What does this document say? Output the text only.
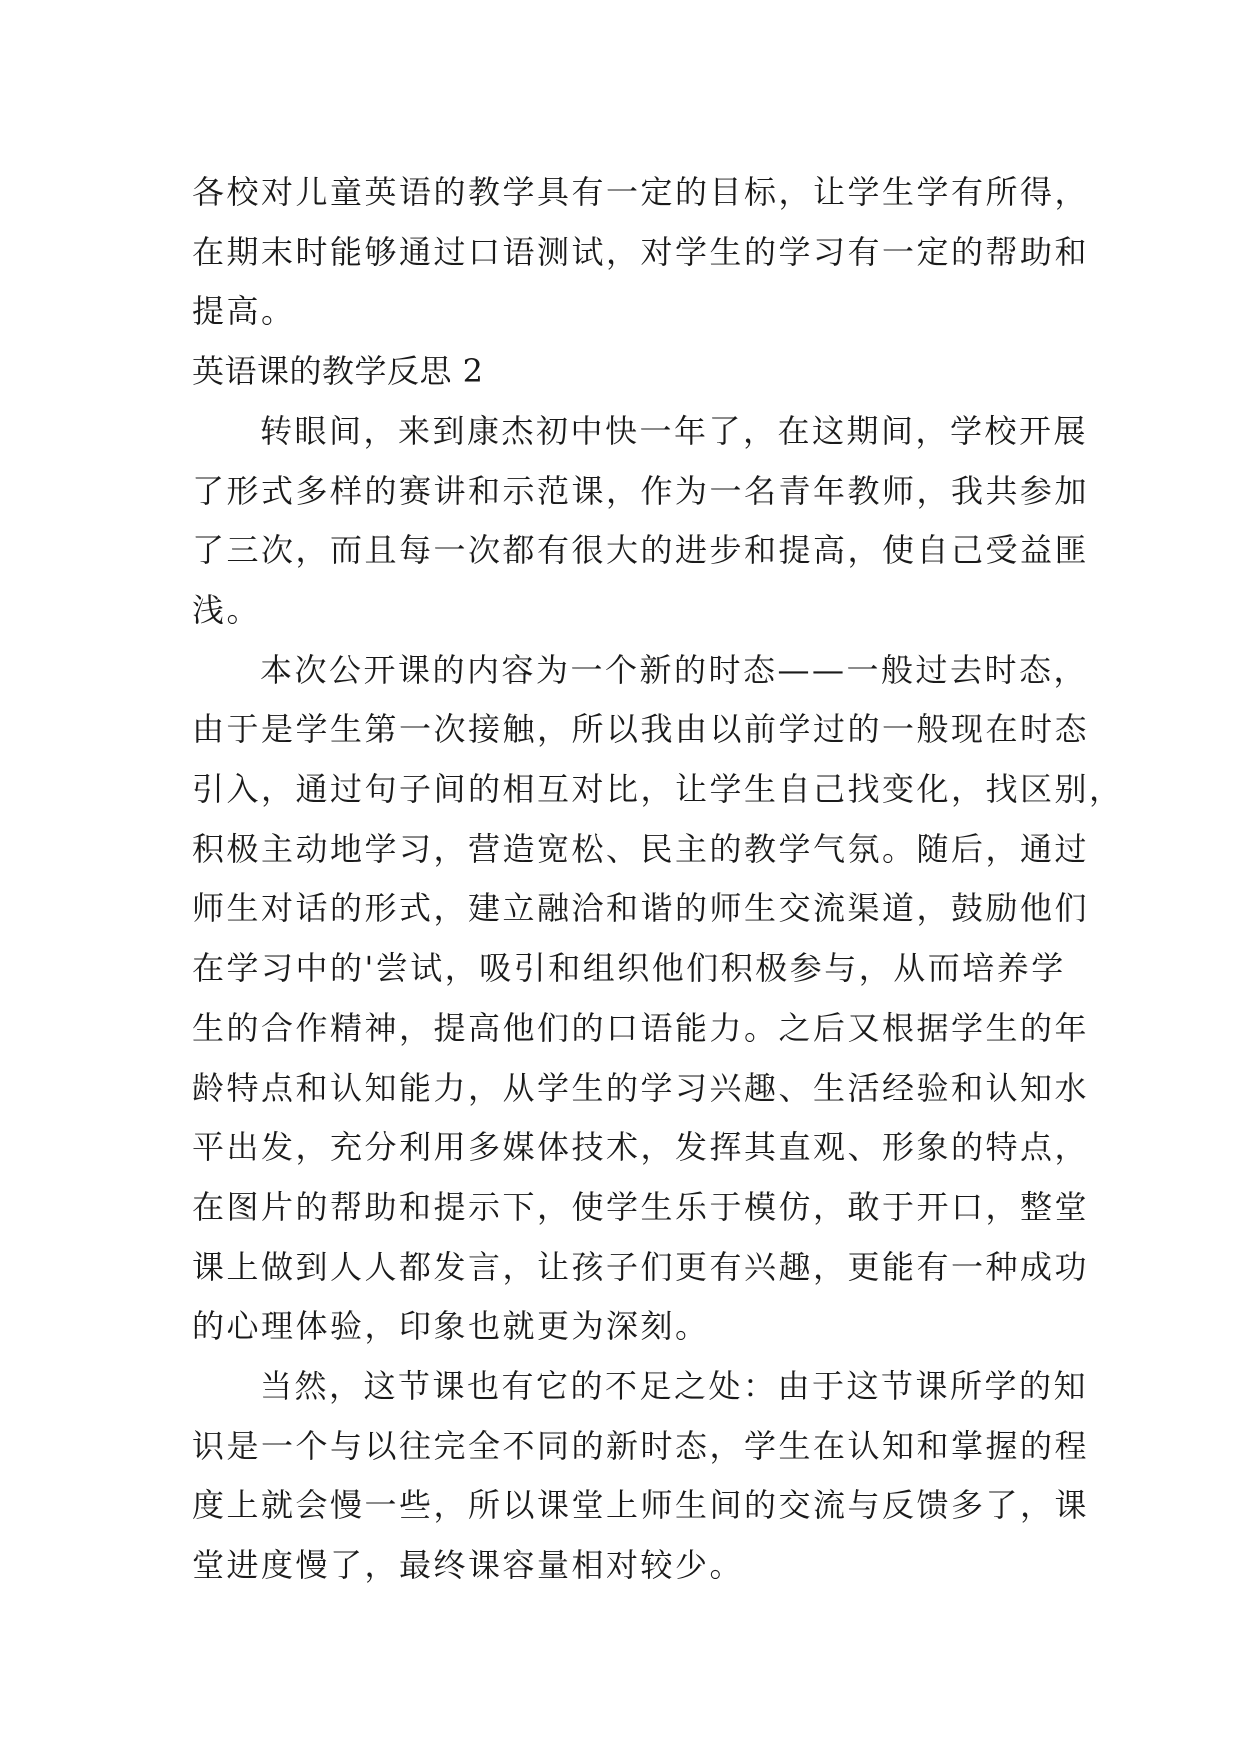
各校对儿童英语的教学具有一定的目标，让学生学有所得，
在期末时能够通过口语测试，对学生的学习有一定的帮助和
提高。
英语课的教学反思 2
转眼间，来到康杰初中快一年了，在这期间，学校开展
了形式多样的赛讲和示范课，作为一名青年教师，我共参加
了三次，而且每一次都有很大的进步和提高，使自己受益匪
浅。
本次公开课的内容为一个新的时态——一般过去时态，
由于是学生第一次接触，所以我由以前学过的一般现在时态
引入，通过句子间的相互对比，让学生自己找变化，找区别，
积极主动地学习，营造宽松、民主的教学气氛。随后，通过
师生对话的形式，建立融洽和谐的师生交流渠道，鼓励他们
在学习中的'尝试，吸引和组织他们积极参与，从而培养学
生的合作精神，提高他们的口语能力。之后又根据学生的年
龄特点和认知能力，从学生的学习兴趣、生活经验和认知水
平出发，充分利用多媒体技术，发挥其直观、形象的特点，
在图片的帮助和提示下，使学生乐于模仿，敢于开口，整堂
课上做到人人都发言，让孩子们更有兴趣，更能有一种成功
的心理体验，印象也就更为深刻。
当然，这节课也有它的不足之处：由于这节课所学的知
识是一个与以往完全不同的新时态，学生在认知和掌握的程
度上就会慢一些，所以课堂上师生间的交流与反馈多了，课
堂进度慢了，最终课容量相对较少。
